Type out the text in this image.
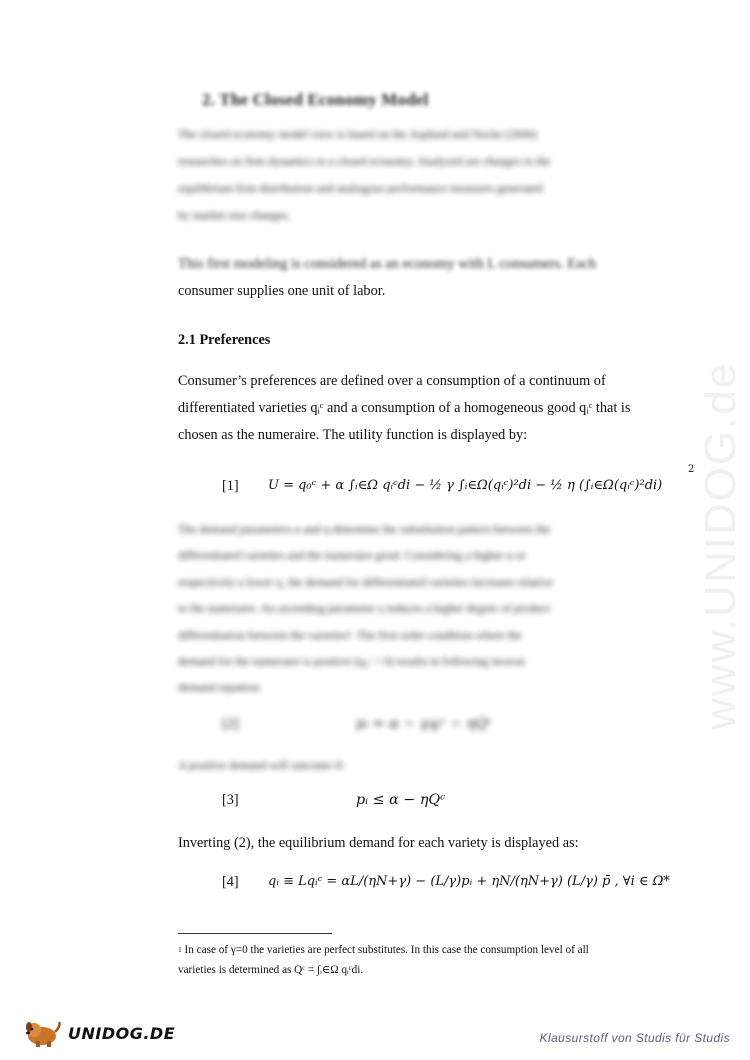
www.UNIDOG.de
2. The Closed Economy Model
The closed economy model view is based on the Asplund and Nocke (2006)
researches on firm dynamics in a closed economy. Analyzed are changes in the
equilibrium firm distribution and analogous performance measures generated
by market size changes.
This first modeling is considered as an economy with L consumers. Each
consumer supplies one unit of labor.
2.1 Preferences
Consumer’s preferences are defined over a consumption of a continuum of
differentiated varieties qᵢᶜ and a consumption of a homogeneous good qᵢᶜ that is
chosen as the numeraire. The utility function is displayed by:
[1] U = q₀ᶜ + α ∫ᵢ∈Ω qᵢᶜdi − ½ γ ∫ᵢ∈Ω(qᵢᶜ)²di − ½ η (∫ᵢ∈Ω(qᵢᶜ)²di)
2
The demand parameters α and η determine the substitution pattern between the
differentiated varieties and the numeraire good. Considering a higher α or
respectively a lower η, the demand for differentiated varieties increases relative
to the numeraire. An ascending parameter γ induces a higher degree of product
differentiation between the varieties¹. The first order condition where the
demand for the numeraire is positive (q₀ᶜ > 0) results in following inverse
demand equation:
[2]	pᵢ = α − γqᵢᶜ − ηQᶜ
A positive demand will outcome if:
[3]	pᵢ ≤ α − ηQᶜ
Inverting (2), the equilibrium demand for each variety is displayed as:
[4] qᵢ ≡ Lqᵢᶜ = αL/(ηN+γ) − (L/γ)pᵢ + ηN/(ηN+γ) (L/γ) p̄ , ∀i ∈ Ω*
$^1$ In case of γ=0 the varieties are perfect substitutes. In this case the consumption level of all
varieties is determined as Qᶜ = ∫ᵢ∈Ω qᵢᶜdi.
UNIDOG.DE	Klausurstoff von Studis für Studis
